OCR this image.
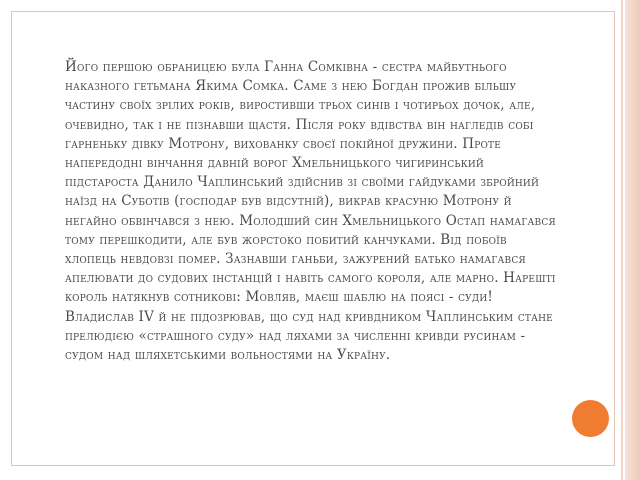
Його першою обраницею була Ганна Сомківна - сестра майбутнього наказного гетьмана Якима Сомка. Саме з нею Богдан прожив більшу частину своїх зрілих років, виростивши трьох синів і чотирьох дочок, але, очевидно, так і не пізнавши щастя. Після року вдівства він нагледів собі гарненьку дівку Мотрону, вихованку своєї покійної дружини. Проте напередодні вінчання давній ворог Хмельницького чигиринський підстароста Данило Чаплинський здійснив зі своїми гайдуками збройний наїзд на Суботів (господар був відсутній), викрав красуню Мотрону й негайно обвінчався з нею. Молодший син Хмельницького Остап намагався тому перешкодити, але був жорстоко побитий канчуками. Від побоїв хлопець невдовзі помер. Зазнавши ганьби, зажурений батько намагався апелювати до судових інстанцій і навіть самого короля, але марно. Нарешті король натякнув сотникові: Мовляв, маєш шаблю на поясі - суди! Владислав IV й не підозрював, що суд над кривдником Чаплинським стане прелюдією «страшного суду» над ляхами за численні кривди русинам - судом над шляхетськими вольностями на Україну.
